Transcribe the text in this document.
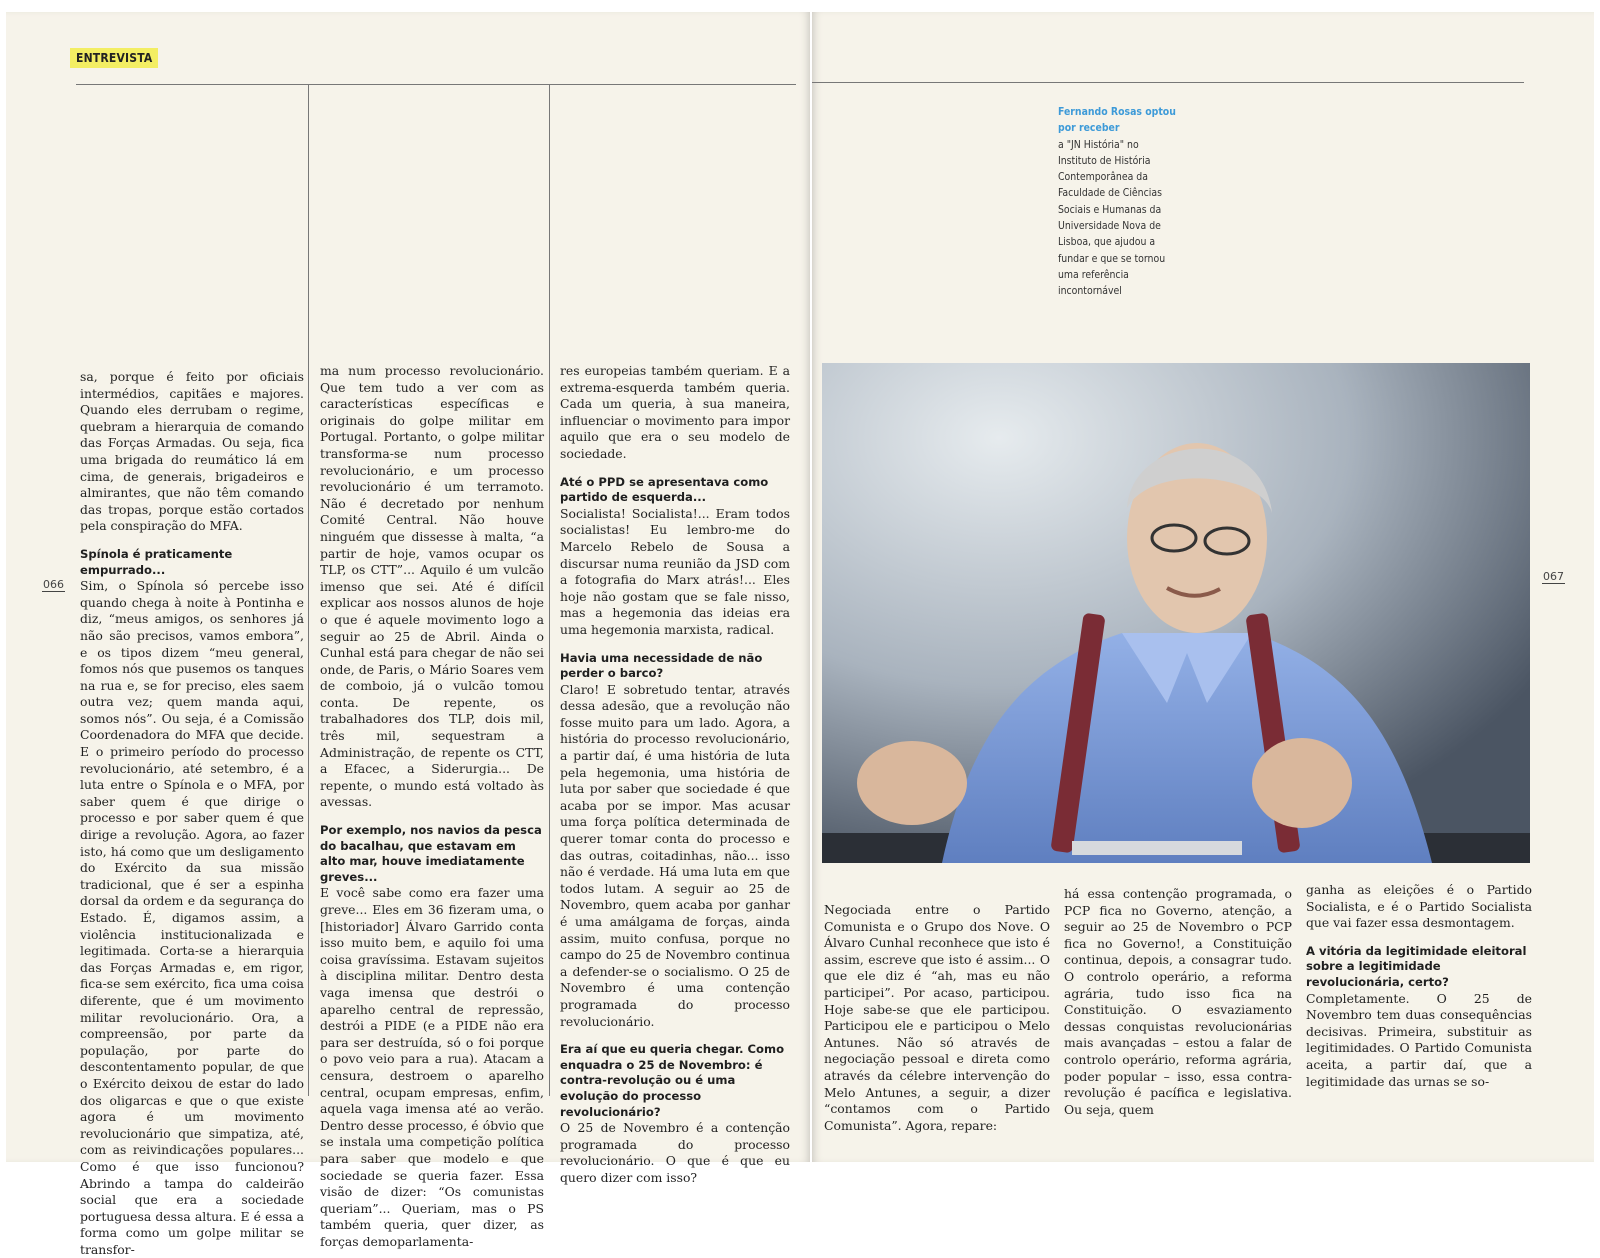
ENTREVISTA
066
067
Fernando Rosas optou por receber
a "JN História" no Instituto de História Contemporânea da Faculdade de Ciências Sociais e Humanas da Universidade Nova de Lisboa, que ajudou a fundar e que se tornou uma referência incontornável

sa, porque é feito por oficiais intermédios, capitães e majores. Quando eles derrubam o regime, quebram a hierarquia de comando das Forças Armadas. Ou seja, fica uma brigada do reumático lá em cima, de generais, brigadeiros e almirantes, que não têm comando das tropas, porque estão cortados pela conspiração do MFA.

Spínola é praticamente empurrado...

Sim, o Spínola só percebe isso quando chega à noite à Pontinha e diz, “meus amigos, os senhores já não são precisos, vamos embora”, e os tipos dizem “meu general, fomos nós que pusemos os tanques na rua e, se for preciso, eles saem outra vez; quem manda aqui, somos nós”. Ou seja, é a Comissão Coordenadora do MFA que decide. E o primeiro período do processo revolucionário, até setembro, é a luta entre o Spínola e o MFA, por saber quem é que dirige o processo e por saber quem é que dirige a revolução. Agora, ao fazer isto, há como que um desligamento do Exército da sua missão tradicional, que é ser a espinha dorsal da ordem e da segurança do Estado. É, digamos assim, a violência institucionalizada e legitimada. Corta-se a hierarquia das Forças Armadas e, em rigor, fica-se sem exército, fica uma coisa diferente, que é um movimento militar revolucionário. Ora, a compreensão, por parte da população, por parte do descontentamento popular, de que o Exército deixou de estar do lado dos oligarcas e que o que existe agora é um movimento revolucionário que simpatiza, até, com as reivindicações populares... Como é que isso funcionou? Abrindo a tampa do caldeirão social que era a sociedade portuguesa dessa altura. E é essa a forma como um golpe militar se transfor-

ma num processo revolucionário. Que tem tudo a ver com as características específicas e originais do golpe militar em Portugal. Portanto, o golpe militar transforma-se num processo revolucionário, e um processo revolucionário é um terramoto. Não é decretado por nenhum Comité Central. Não houve ninguém que dissesse à malta, “a partir de hoje, vamos ocupar os TLP, os CTT”... Aquilo é um vulcão imenso que sei. Até é difícil explicar aos nossos alunos de hoje o que é aquele movimento logo a seguir ao 25 de Abril. Ainda o Cunhal está para chegar de não sei onde, de Paris, o Mário Soares vem de comboio, já o vulcão tomou conta. De repente, os trabalhadores dos TLP, dois mil, três mil, sequestram a Administração, de repente os CTT, a Efacec, a Siderurgia... De repente, o mundo está voltado às avessas.

Por exemplo, nos navios da pesca do bacalhau, que estavam em alto mar, houve imediatamente greves...

E você sabe como era fazer uma greve... Eles em 36 fizeram uma, o [historiador] Álvaro Garrido conta isso muito bem, e aquilo foi uma coisa gravíssima. Estavam sujeitos à disciplina militar. Dentro desta vaga imensa que destrói o aparelho central de repressão, destrói a PIDE (e a PIDE não era para ser destruída, só o foi porque o povo veio para a rua). Atacam a censura, destroem o aparelho central, ocupam empresas, enfim, aquela vaga imensa até ao verão. Dentro desse processo, é óbvio que se instala uma competição política para saber que modelo e que sociedade se queria fazer. Essa visão de dizer: “Os comunistas queriam”... Queriam, mas o PS também queria, quer dizer, as forças demoparlamenta-

res europeias também queriam. E a extrema-esquerda também queria. Cada um queria, à sua maneira, influenciar o movimento para impor aquilo que era o seu modelo de sociedade.

Até o PPD se apresentava como partido de esquerda...

Socialista! Socialista!... Eram todos socialistas! Eu lembro-me do Marcelo Rebelo de Sousa a discursar numa reunião da JSD com a fotografia do Marx atrás!... Eles hoje não gostam que se fale nisso, mas a hegemonia das ideias era uma hegemonia marxista, radical.

Havia uma necessidade de não perder o barco?

Claro! E sobretudo tentar, através dessa adesão, que a revolução não fosse muito para um lado. Agora, a história do processo revolucionário, a partir daí, é uma história de luta pela hegemonia, uma história de luta por saber que sociedade é que acaba por se impor. Mas acusar uma força política determinada de querer tomar conta do processo e das outras, coitadinhas, não... isso não é verdade. Há uma luta em que todos lutam. A seguir ao 25 de Novembro, quem acaba por ganhar é uma amálgama de forças, ainda assim, muito confusa, porque no campo do 25 de Novembro continua a defender-se o socialismo. O 25 de Novembro é uma contenção programada do processo revolucionário.

Era aí que eu queria chegar. Como enquadra o 25 de Novembro: é contra-revolução ou é uma evolução do processo revolucionário?

O 25 de Novembro é a contenção programada do processo revolucionário. O que é que eu quero dizer com isso?

Negociada entre o Partido Comunista e o Grupo dos Nove. O Álvaro Cunhal reconhece que isto é assim, escreve que isto é assim... O que ele diz é “ah, mas eu não participei”. Por acaso, participou. Hoje sabe-se que ele participou. Participou ele e participou o Melo Antunes. Não só através de negociação pessoal e direta como através da célebre intervenção do Melo Antunes, a seguir, a dizer “contamos com o Partido Comunista”. Agora, repare:

há essa contenção programada, o PCP fica no Governo, atenção, a seguir ao 25 de Novembro o PCP fica no Governo!, a Constituição continua, depois, a consagrar tudo. O controlo operário, a reforma agrária, tudo isso fica na Constituição. O esvaziamento dessas conquistas revolucionárias mais avançadas – estou a falar de controlo operário, reforma agrária, poder popular – isso, essa contra-revolução é pacífica e legislativa. Ou seja, quem

ganha as eleições é o Partido Socialista, e é o Partido Socialista que vai fazer essa desmontagem.

A vitória da legitimidade eleitoral sobre a legitimidade revolucionária, certo?

Completamente. O 25 de Novembro tem duas consequências decisivas. Primeira, substituir as legitimidades. O Partido Comunista aceita, a partir daí, que a legitimidade das urnas se so-
